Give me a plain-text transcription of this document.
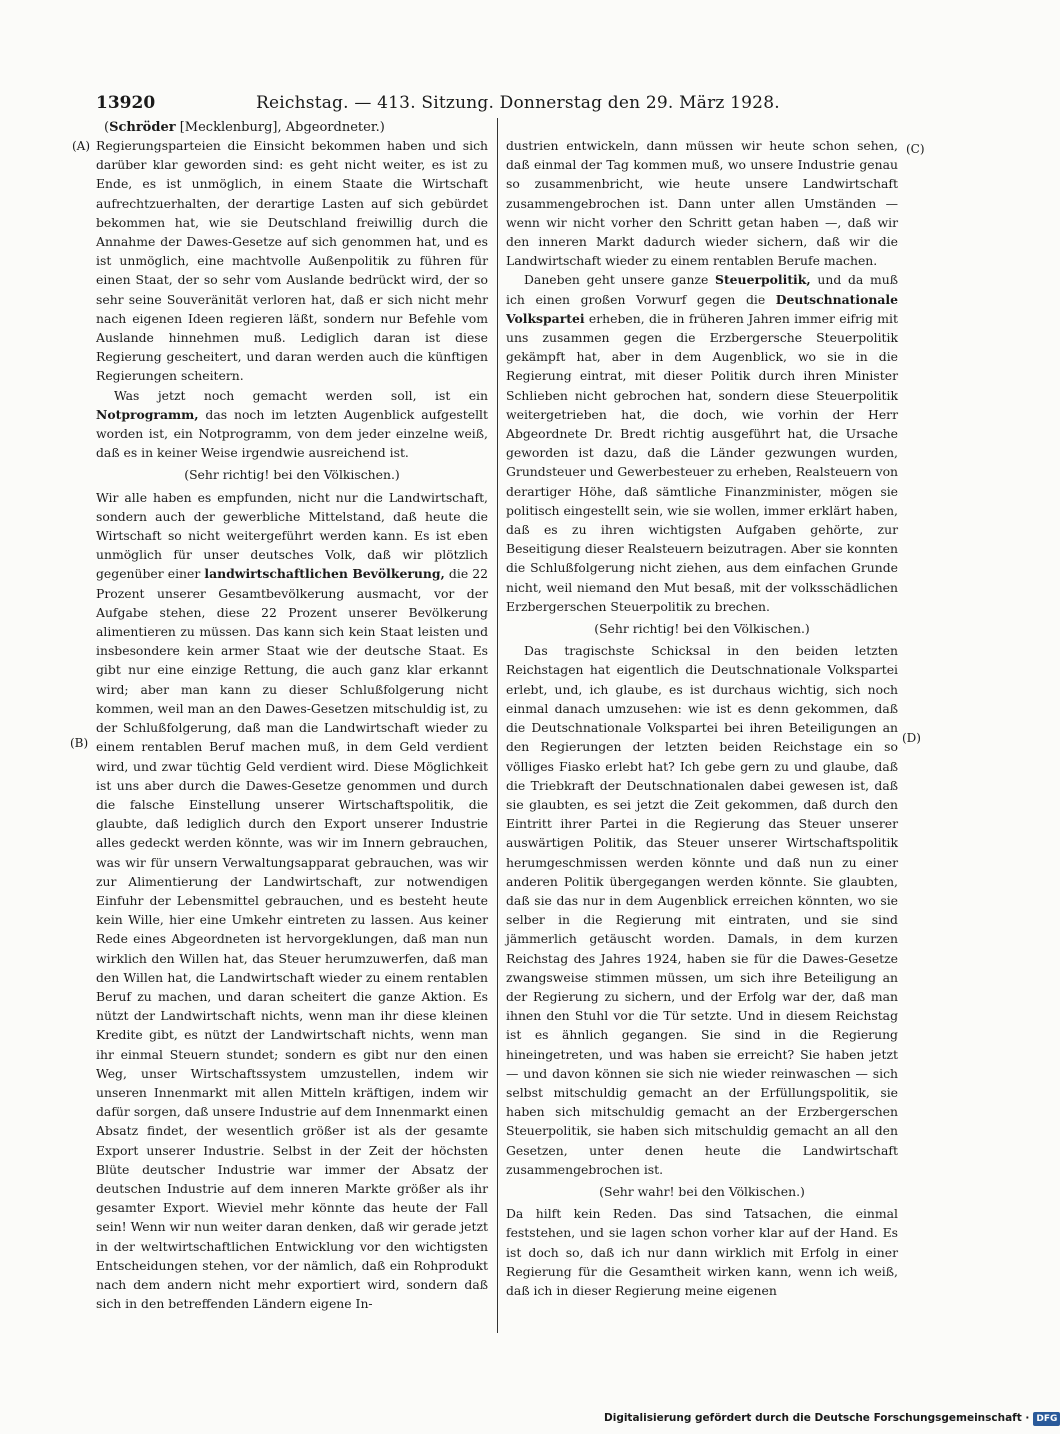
13920	Reichstag. — 413. Sitzung. Donnerstag den 29. März 1928.
(Schröder [Mecklenburg], Abgeordneter.)
(A)
(B)
(C)
(D)

Regierungsparteien die Einsicht bekommen haben und sich darüber klar geworden sind: es geht nicht weiter, es ist zu Ende, es ist unmöglich, in einem Staate die Wirtschaft aufrechtzuerhalten, der derartige Lasten auf sich gebürdet bekommen hat, wie sie Deutschland freiwillig durch die Annahme der Dawes-Gesetze auf sich genommen hat, und es ist unmöglich, eine machtvolle Außenpolitik zu führen für einen Staat, der so sehr vom Auslande bedrückt wird, der so sehr seine Souveränität verloren hat, daß er sich nicht mehr nach eigenen Ideen regieren läßt, sondern nur Befehle vom Auslande hinnehmen muß. Lediglich daran ist diese Regierung gescheitert, und daran werden auch die künftigen Regierungen scheitern.

Was jetzt noch gemacht werden soll, ist ein Notprogramm, das noch im letzten Augenblick aufgestellt worden ist, ein Notprogramm, von dem jeder einzelne weiß, daß es in keiner Weise irgendwie ausreichend ist.

(Sehr richtig! bei den Völkischen.)

Wir alle haben es empfunden, nicht nur die Landwirtschaft, sondern auch der gewerbliche Mittelstand, daß heute die Wirtschaft so nicht weitergeführt werden kann. Es ist eben unmöglich für unser deutsches Volk, daß wir plötzlich gegenüber einer landwirtschaftlichen Bevölkerung, die 22 Prozent unserer Gesamtbevölkerung ausmacht, vor der Aufgabe stehen, diese 22 Prozent unserer Bevölkerung alimentieren zu müssen. Das kann sich kein Staat leisten und insbesondere kein armer Staat wie der deutsche Staat. Es gibt nur eine einzige Rettung, die auch ganz klar erkannt wird; aber man kann zu dieser Schlußfolgerung nicht kommen, weil man an den Dawes-Gesetzen mitschuldig ist, zu der Schlußfolgerung, daß man die Landwirtschaft wieder zu einem rentablen Beruf machen muß, in dem Geld verdient wird, und zwar tüchtig Geld verdient wird. Diese Möglichkeit ist uns aber durch die Dawes-Gesetze genommen und durch die falsche Einstellung unserer Wirtschaftspolitik, die glaubte, daß lediglich durch den Export unserer Industrie alles gedeckt werden könnte, was wir im Innern gebrauchen, was wir für unsern Verwaltungsapparat gebrauchen, was wir zur Alimentierung der Landwirtschaft, zur notwendigen Einfuhr der Lebensmittel gebrauchen, und es besteht heute kein Wille, hier eine Umkehr eintreten zu lassen. Aus keiner Rede eines Abgeordneten ist hervorgeklungen, daß man nun wirklich den Willen hat, das Steuer herumzuwerfen, daß man den Willen hat, die Landwirtschaft wieder zu einem rentablen Beruf zu machen, und daran scheitert die ganze Aktion. Es nützt der Landwirtschaft nichts, wenn man ihr diese kleinen Kredite gibt, es nützt der Landwirtschaft nichts, wenn man ihr einmal Steuern stundet; sondern es gibt nur den einen Weg, unser Wirtschaftssystem umzustellen, indem wir unseren Innenmarkt mit allen Mitteln kräftigen, indem wir dafür sorgen, daß unsere Industrie auf dem Innenmarkt einen Absatz findet, der wesentlich größer ist als der gesamte Export unserer Industrie. Selbst in der Zeit der höchsten Blüte deutscher Industrie war immer der Absatz der deutschen Industrie auf dem inneren Markte größer als ihr gesamter Export. Wieviel mehr könnte das heute der Fall sein! Wenn wir nun weiter daran denken, daß wir gerade jetzt in der weltwirtschaftlichen Entwicklung vor den wichtigsten Entscheidungen stehen, vor der nämlich, daß ein Rohprodukt nach dem andern nicht mehr exportiert wird, sondern daß sich in den betreffenden Ländern eigene In-

dustrien entwickeln, dann müssen wir heute schon sehen, daß einmal der Tag kommen muß, wo unsere Industrie genau so zusammenbricht, wie heute unsere Landwirtschaft zusammengebrochen ist. Dann unter allen Umständen — wenn wir nicht vorher den Schritt getan haben —, daß wir den inneren Markt dadurch wieder sichern, daß wir die Landwirtschaft wieder zu einem rentablen Berufe machen.

Daneben geht unsere ganze Steuerpolitik, und da muß ich einen großen Vorwurf gegen die Deutschnationale Volkspartei erheben, die in früheren Jahren immer eifrig mit uns zusammen gegen die Erzbergersche Steuerpolitik gekämpft hat, aber in dem Augenblick, wo sie in die Regierung eintrat, mit dieser Politik durch ihren Minister Schlieben nicht gebrochen hat, sondern diese Steuerpolitik weitergetrieben hat, die doch, wie vorhin der Herr Abgeordnete Dr. Bredt richtig ausgeführt hat, die Ursache geworden ist dazu, daß die Länder gezwungen wurden, Grundsteuer und Gewerbesteuer zu erheben, Realsteuern von derartiger Höhe, daß sämtliche Finanzminister, mögen sie politisch eingestellt sein, wie sie wollen, immer erklärt haben, daß es zu ihren wichtigsten Aufgaben gehörte, zur Beseitigung dieser Realsteuern beizutragen. Aber sie konnten die Schlußfolgerung nicht ziehen, aus dem einfachen Grunde nicht, weil niemand den Mut besaß, mit der volksschädlichen Erzbergerschen Steuerpolitik zu brechen.

(Sehr richtig! bei den Völkischen.)

Das tragischste Schicksal in den beiden letzten Reichstagen hat eigentlich die Deutschnationale Volkspartei erlebt, und, ich glaube, es ist durchaus wichtig, sich noch einmal danach umzusehen: wie ist es denn gekommen, daß die Deutschnationale Volkspartei bei ihren Beteiligungen an den Regierungen der letzten beiden Reichstage ein so völliges Fiasko erlebt hat? Ich gebe gern zu und glaube, daß die Triebkraft der Deutschnationalen dabei gewesen ist, daß sie glaubten, es sei jetzt die Zeit gekommen, daß durch den Eintritt ihrer Partei in die Regierung das Steuer unserer auswärtigen Politik, das Steuer unserer Wirtschaftspolitik herumgeschmissen werden könnte und daß nun zu einer anderen Politik übergegangen werden könnte. Sie glaubten, daß sie das nur in dem Augenblick erreichen könnten, wo sie selber in die Regierung mit eintraten, und sie sind jämmerlich getäuscht worden. Damals, in dem kurzen Reichstag des Jahres 1924, haben sie für die Dawes-Gesetze zwangsweise stimmen müssen, um sich ihre Beteiligung an der Regierung zu sichern, und der Erfolg war der, daß man ihnen den Stuhl vor die Tür setzte. Und in diesem Reichstag ist es ähnlich gegangen. Sie sind in die Regierung hineingetreten, und was haben sie erreicht? Sie haben jetzt — und davon können sie sich nie wieder reinwaschen — sich selbst mitschuldig gemacht an der Erfüllungspolitik, sie haben sich mitschuldig gemacht an der Erzbergerschen Steuerpolitik, sie haben sich mitschuldig gemacht an all den Gesetzen, unter denen heute die Landwirtschaft zusammengebrochen ist.

(Sehr wahr! bei den Völkischen.)

Da hilft kein Reden. Das sind Tatsachen, die einmal feststehen, und sie lagen schon vorher klar auf der Hand. Es ist doch so, daß ich nur dann wirklich mit Erfolg in einer Regierung für die Gesamtheit wirken kann, wenn ich weiß, daß ich in dieser Regierung meine eigenen

Digitalisierung gefördert durch die Deutsche Forschungsgemeinschaft · DFG
